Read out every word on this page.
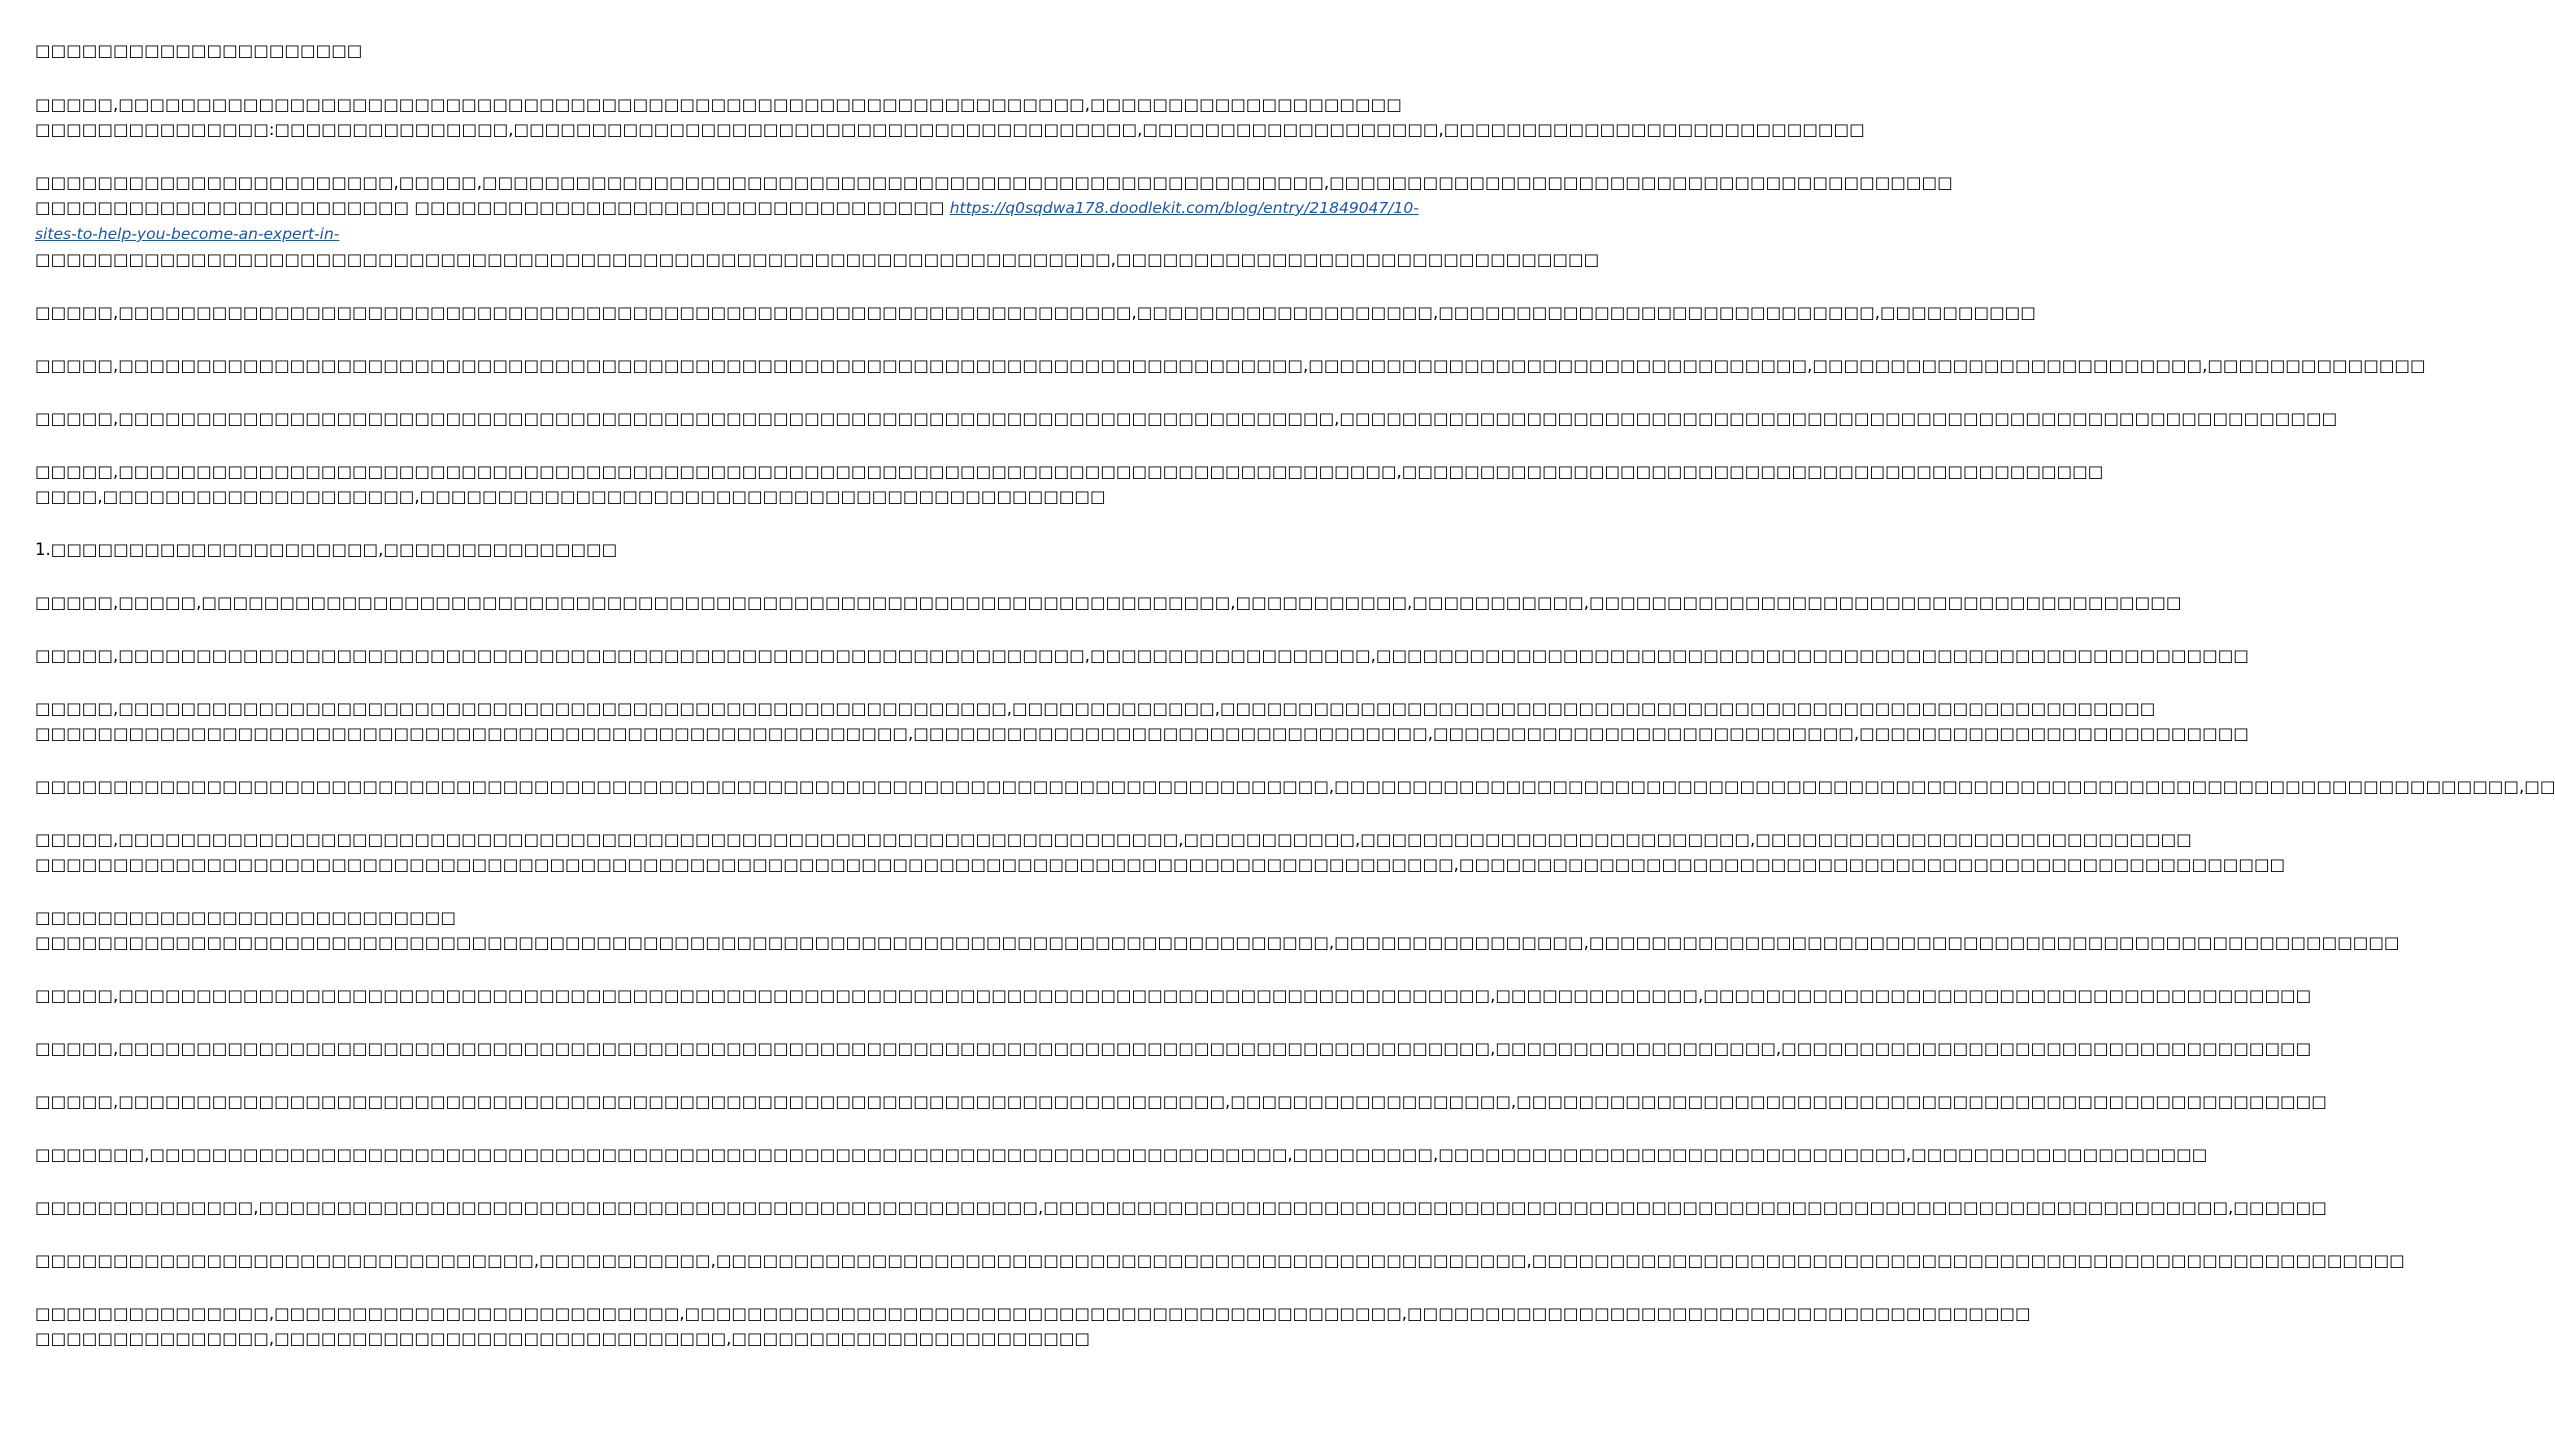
□□□□□□□□□□□□□□□□□□□□□
□□□□□,□□□□□□□□□□□□□□□□□□□□□□□□□□□□□□□□□□□□□□□□□□□□□□□□□□□□□□□□□□□□□□,□□□□□□□□□□□□□□□□□□□□
□□□□□□□□□□□□□□□:□□□□□□□□□□□□□□□,□□□□□□□□□□□□□□□□□□□□□□□□□□□□□□□□□□□□□□□□,□□□□□□□□□□□□□□□□□□□,□□□□□□□□□□□□□□□□□□□□□□□□□□□
□□□□□□□□□□□□□□□□□□□□□□□,□□□□□,□□□□□□□□□□□□□□□□□□□□□□□□□□□□□□□□□□□□□□□□□□□□□□□□□□□□□□,□□□□□□□□□□□□□□□□□□□□□□□□□□□□□□□□□□□□□□□□
□□□□□□□□□□□□□□□□□□□□□□□□ □□□□□□□□□□□□□□□□□□□□□□□□□□□□□□□□□□ https://q0sqdwa178.doodlekit.com/blog/entry/21849047/10-
sites-to-help-you-become-an-expert-in-
□□□□□□□□□□□□□□□□□□□□□□□□□□□□□□□□□□□□□□□□□□□□□□□□□□□□□□□□□□□□□□□□□□□□□,□□□□□□□□□□□□□□□□□□□□□□□□□□□□□□□
□□□□□,□□□□□□□□□□□□□□□□□□□□□□□□□□□□□□□□□□□□□□□□□□□□□□□□□□□□□□□□□□□□□□□□□,□□□□□□□□□□□□□□□□□□□,□□□□□□□□□□□□□□□□□□□□□□□□□□□□,□□□□□□□□□□
□□□□□,□□□□□□□□□□□□□□□□□□□□□□□□□□□□□□□□□□□□□□□□□□□□□□□□□□□□□□□□□□□□□□□□□□□□□□□□□□□□,□□□□□□□□□□□□□□□□□□□□□□□□□□□□□□□□,□□□□□□□□□□□□□□□□□□□□□□□□□,□□□□□□□□□□□□□□
□□□□□,□□□□□□□□□□□□□□□□□□□□□□□□□□□□□□□□□□□□□□□□□□□□□□□□□□□□□□□□□□□□□□□□□□□□□□□□□□□□□□,□□□□□□□□□□□□□□□□□□□□□□□□□□□□□□□□□□□□□□□□□□□□□□□□□□□□□□□□□□□□□□□□
□□□□□,□□□□□□□□□□□□□□□□□□□□□□□□□□□□□□□□□□□□□□□□□□□□□□□□□□□□□□□□□□□□□□□□□□□□□□□□□□□□□□□□□□,□□□□□□□□□□□□□□□□□□□□□□□□□□□□□□□□□□□□□□□□□□□□□
□□□□,□□□□□□□□□□□□□□□□□□□□,□□□□□□□□□□□□□□□□□□□□□□□□□□□□□□□□□□□□□□□□□□□□
1.□□□□□□□□□□□□□□□□□□□□□,□□□□□□□□□□□□□□□
□□□□□,□□□□□,□□□□□□□□□□□□□□□□□□□□□□□□□□□□□□□□□□□□□□□□□□□□□□□□□□□□□□□□□□□□□□□□□□,□□□□□□□□□□□,□□□□□□□□□□□,□□□□□□□□□□□□□□□□□□□□□□□□□□□□□□□□□□□□□□
□□□□□,□□□□□□□□□□□□□□□□□□□□□□□□□□□□□□□□□□□□□□□□□□□□□□□□□□□□□□□□□□□□□□,□□□□□□□□□□□□□□□□□□,□□□□□□□□□□□□□□□□□□□□□□□□□□□□□□□□□□□□□□□□□□□□□□□□□□□□□□□□
□□□□□,□□□□□□□□□□□□□□□□□□□□□□□□□□□□□□□□□□□□□□□□□□□□□□□□□□□□□□□□□,□□□□□□□□□□□□□,□□□□□□□□□□□□□□□□□□□□□□□□□□□□□□□□□□□□□□□□□□□□□□□□□□□□□□□□□□□□
□□□□□□□□□□□□□□□□□□□□□□□□□□□□□□□□□□□□□□□□□□□□□□□□□□□□□□□□,□□□□□□□□□□□□□□□□□□□□□□□□□□□□□□□□□,□□□□□□□□□□□□□□□□□□□□□□□□□□□,□□□□□□□□□□□□□□□□□□□□□□□□□
□□□□□□□□□□□□□□□□□□□□□□□□□□□□□□□□□□□□□□□□□□□□□□□□□□□□□□□□□□□□□□□□□□□□□□□□□□□□□□□□□□□,□□□□□□□□□□□□□□□□□□□□□□□□□□□□□□□□□□□□□□□□□□□□□□□□□□□□□□□□□□□□□□□□□□□□□□□□□□□□,□□
□□□□□,□□□□□□□□□□□□□□□□□□□□□□□□□□□□□□□□□□□□□□□□□□□□□□□□□□□□□□□□□□□□□□□□□□□□,□□□□□□□□□□□,□□□□□□□□□□□□□□□□□□□□□□□□□,□□□□□□□□□□□□□□□□□□□□□□□□□□□□
□□□□□□□□□□□□□□□□□□□□□□□□□□□□□□□□□□□□□□□□□□□□□□□□□□□□□□□□□□□□□□□□□□□□□□□□□□□□□□□□□□□□□□□□□□□,□□□□□□□□□□□□□□□□□□□□□□□□□□□□□□□□□□□□□□□□□□□□□□□□□□□□□
□□□□□□□□□□□□□□□□□□□□□□□□□□□
□□□□□□□□□□□□□□□□□□□□□□□□□□□□□□□□□□□□□□□□□□□□□□□□□□□□□□□□□□□□□□□□□□□□□□□□□□□□□□□□□□□,□□□□□□□□□□□□□□□□,□□□□□□□□□□□□□□□□□□□□□□□□□□□□□□□□□□□□□□□□□□□□□□□□□□□□
□□□□□,□□□□□□□□□□□□□□□□□□□□□□□□□□□□□□□□□□□□□□□□□□□□□□□□□□□□□□□□□□□□□□□□□□□□□□□□□□□□□□□□□□□□□□□□,□□□□□□□□□□□□□,□□□□□□□□□□□□□□□□□□□□□□□□□□□□□□□□□□□□□□□
□□□□□,□□□□□□□□□□□□□□□□□□□□□□□□□□□□□□□□□□□□□□□□□□□□□□□□□□□□□□□□□□□□□□□□□□□□□□□□□□□□□□□□□□□□□□□□,□□□□□□□□□□□□□□□□□□,□□□□□□□□□□□□□□□□□□□□□□□□□□□□□□□□□□
□□□□□,□□□□□□□□□□□□□□□□□□□□□□□□□□□□□□□□□□□□□□□□□□□□□□□□□□□□□□□□□□□□□□□□□□□□□□□,□□□□□□□□□□□□□□□□□□,□□□□□□□□□□□□□□□□□□□□□□□□□□□□□□□□□□□□□□□□□□□□□□□□□□□□
□□□□□□□,□□□□□□□□□□□□□□□□□□□□□□□□□□□□□□□□□□□□□□□□□□□□□□□□□□□□□□□□□□□□□□□□□□□□□□□□□,□□□□□□□□□,□□□□□□□□□□□□□□□□□□□□□□□□□□□□□□,□□□□□□□□□□□□□□□□□□□
□□□□□□□□□□□□□□,□□□□□□□□□□□□□□□□□□□□□□□□□□□□□□□□□□□□□□□□□□□□□□□□□□,□□□□□□□□□□□□□□□□□□□□□□□□□□□□□□□□□□□□□□□□□□□□□□□□□□□□□□□□□□□□□□□□□□□□□□□□□□□□,□□□□□□
□□□□□□□□□□□□□□□□□□□□□□□□□□□□□□□□,□□□□□□□□□□□,□□□□□□□□□□□□□□□□□□□□□□□□□□□□□□□□□□□□□□□□□□□□□□□□□□□□,□□□□□□□□□□□□□□□□□□□□□□□□□□□□□□□□□□□□□□□□□□□□□□□□□□□□□□□□
□□□□□□□□□□□□□□□,□□□□□□□□□□□□□□□□□□□□□□□□□□,□□□□□□□□□□□□□□□□□□□□□□□□□□□□□□□□□□□□□□□□□□□□□□,□□□□□□□□□□□□□□□□□□□□□□□□□□□□□□□□□□□□□□□□
□□□□□□□□□□□□□□□,□□□□□□□□□□□□□□□□□□□□□□□□□□□□□,□□□□□□□□□□□□□□□□□□□□□□□
